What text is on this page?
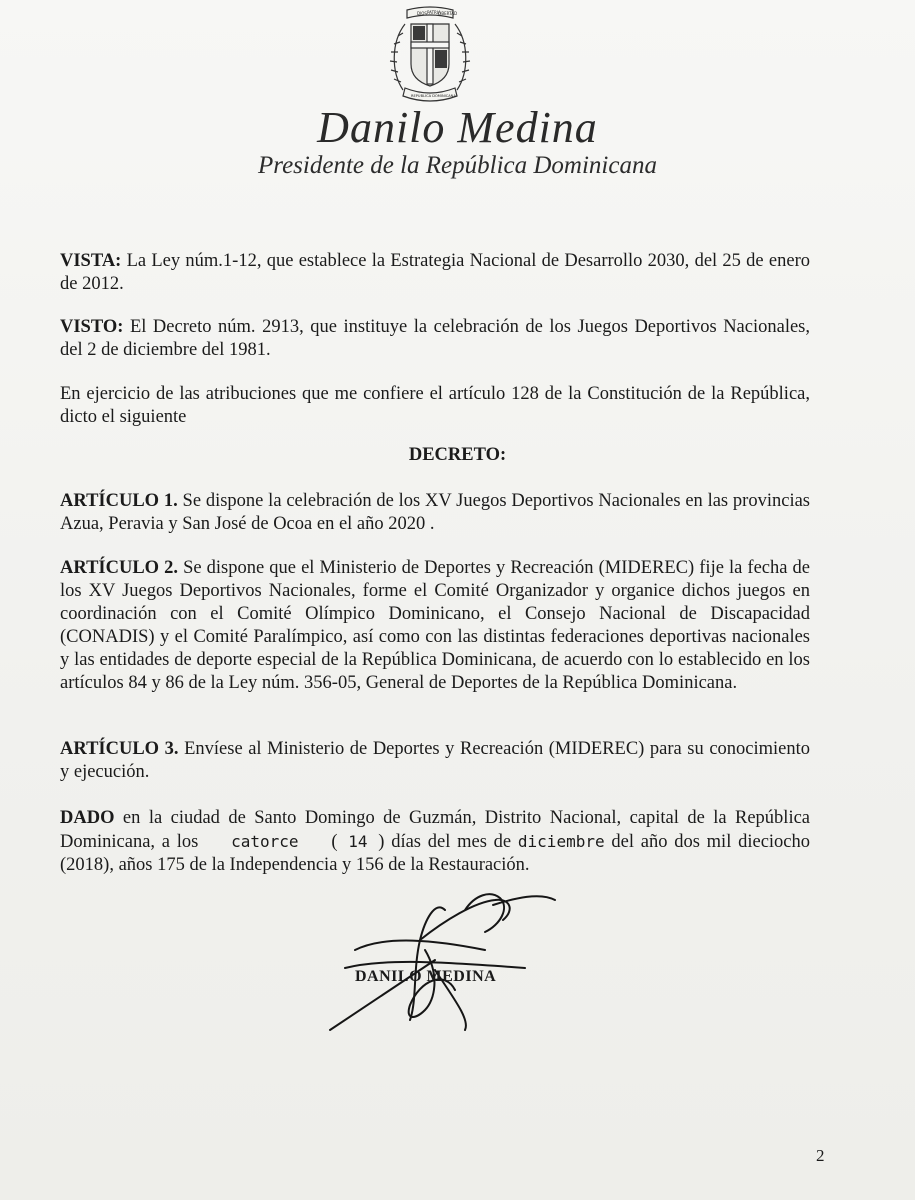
DIOS PATRIA
LIBERTAD
REPÚBLICA DOMINICANA
Danilo Medina
Presidente de la República Dominicana
VISTA: La Ley núm.1-12, que establece la Estrategia Nacional de Desarrollo 2030, del 25 de enero de 2012.
VISTO: El Decreto núm. 2913, que instituye la celebración de los Juegos Deportivos Nacionales, del 2 de diciembre del 1981.
En ejercicio de las atribuciones que me confiere el artículo 128 de la Constitución de la República, dicto el siguiente
DECRETO:
ARTÍCULO 1. Se dispone la celebración de los XV Juegos Deportivos Nacionales en las provincias Azua, Peravia y San José de Ocoa en el año 2020 .
ARTÍCULO 2. Se dispone que el Ministerio de Deportes y Recreación (MIDEREC) fije la fecha de los XV Juegos Deportivos Nacionales, forme el Comité Organizador y organice dichos juegos en coordinación con el Comité Olímpico Dominicano, el Consejo Nacional de Discapacidad (CONADIS) y el Comité Paralímpico, así como con las distintas federaciones deportivas nacionales y las entidades de deporte especial de la República Dominicana, de acuerdo con lo establecido en los artículos 84 y 86 de la Ley núm. 356-05, General de Deportes de la República Dominicana.
ARTÍCULO 3. Envíese al Ministerio de Deportes y Recreación (MIDEREC) para su conocimiento y ejecución.
DADO en la ciudad de Santo Domingo de Guzmán, Distrito Nacional, capital de la República Dominicana, a los catorce ( 14 ) días del mes de diciembre del año dos mil dieciocho (2018), años 175 de la Independencia y 156 de la Restauración.
DANILO MEDINA
2
